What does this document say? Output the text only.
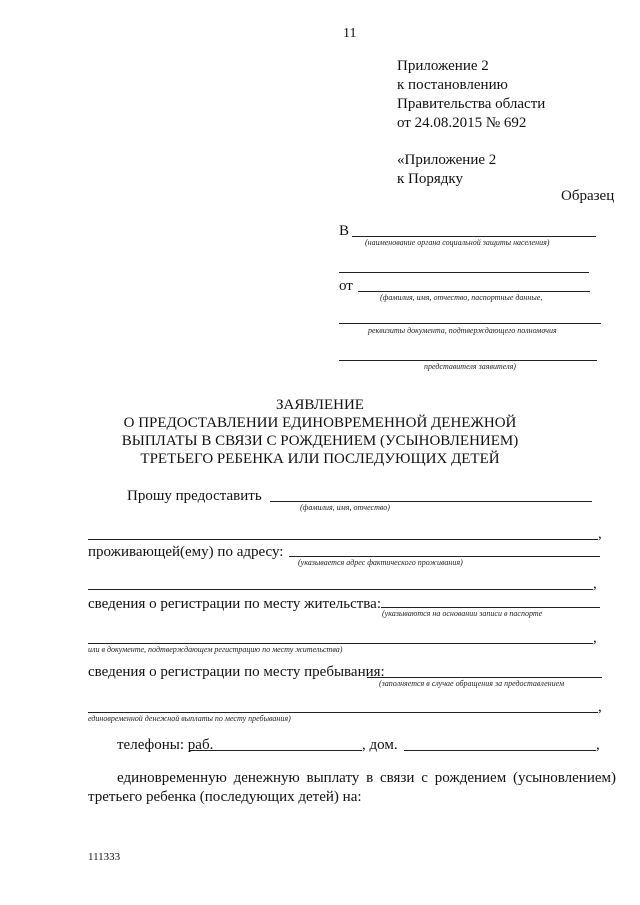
11
Приложение 2
к постановлению
Правительства области
от 24.08.2015 № 692
«Приложение 2
к Порядку
Образец
В
(наименование органа социальной защиты населения)
от
(фамилия, имя, отчество, паспортные данные,
реквизиты документа, подтверждающего полномочия
представителя заявителя)
ЗАЯВЛЕНИЕ
О ПРЕДОСТАВЛЕНИИ ЕДИНОВРЕМЕННОЙ ДЕНЕЖНОЙ
ВЫПЛАТЫ В СВЯЗИ С РОЖДЕНИЕМ (УСЫНОВЛЕНИЕМ)
ТРЕТЬЕГО РЕБЕНКА ИЛИ ПОСЛЕДУЮЩИХ ДЕТЕЙ
Прошу предоставить
(фамилия, имя, отчество)
,
проживающей(ему) по адресу:
(указывается адрес фактического проживания)
,
сведения о регистрации по месту жительства:
(указываются на основании записи в паспорте
,
или в документе, подтверждающем регистрацию по месту жительства)
сведения о регистрации по месту пребывания:
(заполняется в случае обращения за предоставлением
,
единовременной денежной выплаты по месту пребывания)
телефоны: раб.	, дом.	,
единовременную денежную выплату в связи с рождением (усыновлением)
третьего ребенка (последующих детей) на:
111333
